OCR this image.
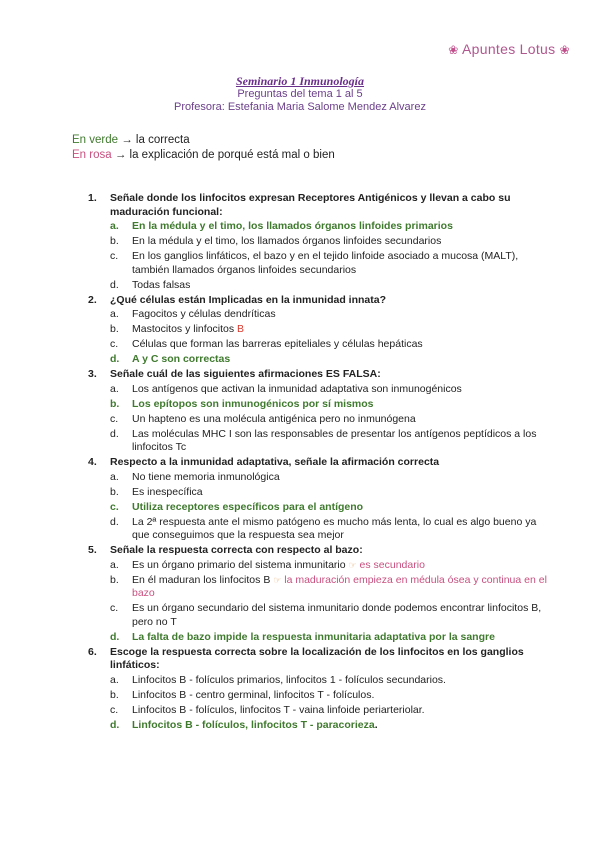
❀ Apuntes Lotus ❀
Seminario 1 Inmunología
Preguntas del tema 1 al 5
Profesora: Estefania Maria Salome Mendez Alvarez
En verde → la correcta
En rosa → la explicación de porqué está mal o bien
1. Señale donde los linfocitos expresan Receptores Antigénicos y llevan a cabo su maduración funcional:
a. En la médula y el timo, los llamados órganos linfoides primarios
b. En la médula y el timo, los llamados órganos linfoides secundarios
c. En los ganglios linfáticos, el bazo y en el tejido linfoide asociado a mucosa (MALT), también llamados órganos linfoides secundarios
d. Todas falsas
2. ¿Qué células están Implicadas en la inmunidad innata?
a. Fagocitos y células dendríticas
b. Mastocitos y linfocitos B
c. Células que forman las barreras epiteliales y células hepáticas
d. A y C son correctas
3. Señale cuál de las siguientes afirmaciones ES FALSA:
a. Los antígenos que activan la inmunidad adaptativa son inmunogénicos
b. Los epítopos son inmunogénicos por sí mismos
c. Un hapteno es una molécula antigénica pero no inmunógena
d. Las moléculas MHC I son las responsables de presentar los antígenos peptídicos a los linfocitos Tc
4. Respecto a la inmunidad adaptativa, señale la afirmación correcta
a. No tiene memoria inmunológica
b. Es inespecífica
c. Utiliza receptores específicos para el antígeno
d. La 2ª respuesta ante el mismo patógeno es mucho más lenta, lo cual es algo bueno ya que conseguimos que la respuesta sea mejor
5. Señale la respuesta correcta con respecto al bazo:
a. Es un órgano primario del sistema inmunitario ☞ es secundario
b. En él maduran los linfocitos B ☞ la maduración empieza en médula ósea y continua en el bazo
c. Es un órgano secundario del sistema inmunitario donde podemos encontrar linfocitos B, pero no T
d. La falta de bazo impide la respuesta inmunitaria adaptativa por la sangre
6. Escoge la respuesta correcta sobre la localización de los linfocitos en los ganglios linfáticos:
a. Linfocitos B - folículos primarios, linfocitos 1 - folículos secundarios.
b. Linfocitos B - centro germinal, linfocitos T - folículos.
c. Linfocitos B - folículos, linfocitos T - vaina linfoide periarteriolar.
d. Linfocitos B - folículos, linfocitos T - paracorieza.
